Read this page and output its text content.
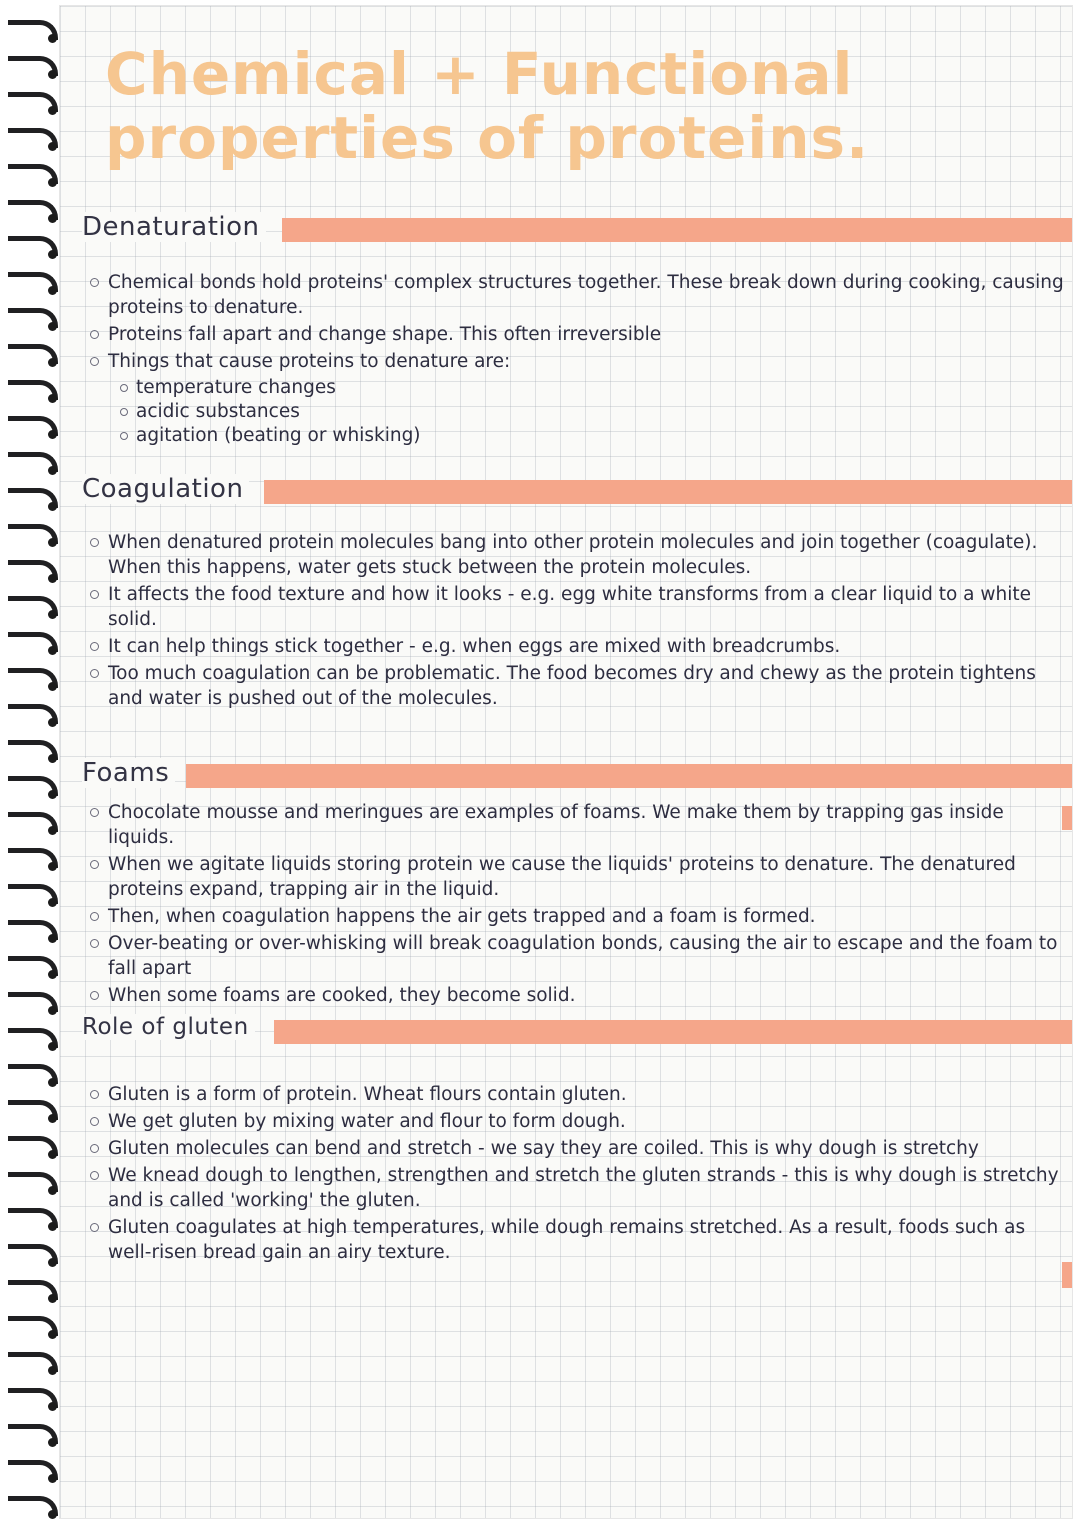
Chemical + Functional properties of proteins.
Denaturation
Chemical bonds hold proteins' complex structures together. These break down during cooking, causing proteins to denature.
Proteins fall apart and change shape. This often irreversible
Things that cause proteins to denature are:
temperature changes
acidic substances
agitation (beating or whisking)
Coagulation
When denatured protein molecules bang into other protein molecules and join together (coagulate). When this happens, water gets stuck between the protein molecules.
It affects the food texture and how it looks - e.g. egg white transforms from a clear liquid to a white solid.
It can help things stick together - e.g. when eggs are mixed with breadcrumbs.
Too much coagulation can be problematic. The food becomes dry and chewy as the protein tightens and water is pushed out of the molecules.
Foams
Chocolate mousse and meringues are examples of foams. We make them by trapping gas inside liquids.
When we agitate liquids storing protein we cause the liquids' proteins to denature. The denatured proteins expand, trapping air in the liquid.
Then, when coagulation happens the air gets trapped and a foam is formed.
Over-beating or over-whisking will break coagulation bonds, causing the air to escape and the foam to fall apart
When some foams are cooked, they become solid.
Role of gluten
Gluten is a form of protein. Wheat flours contain gluten.
We get gluten by mixing water and flour to form dough.
Gluten molecules can bend and stretch - we say they are coiled. This is why dough is stretchy
We knead dough to lengthen, strengthen and stretch the gluten strands - this is why dough is stretchy and is called 'working' the gluten.
Gluten coagulates at high temperatures, while dough remains stretched. As a result, foods such as well-risen bread gain an airy texture.
